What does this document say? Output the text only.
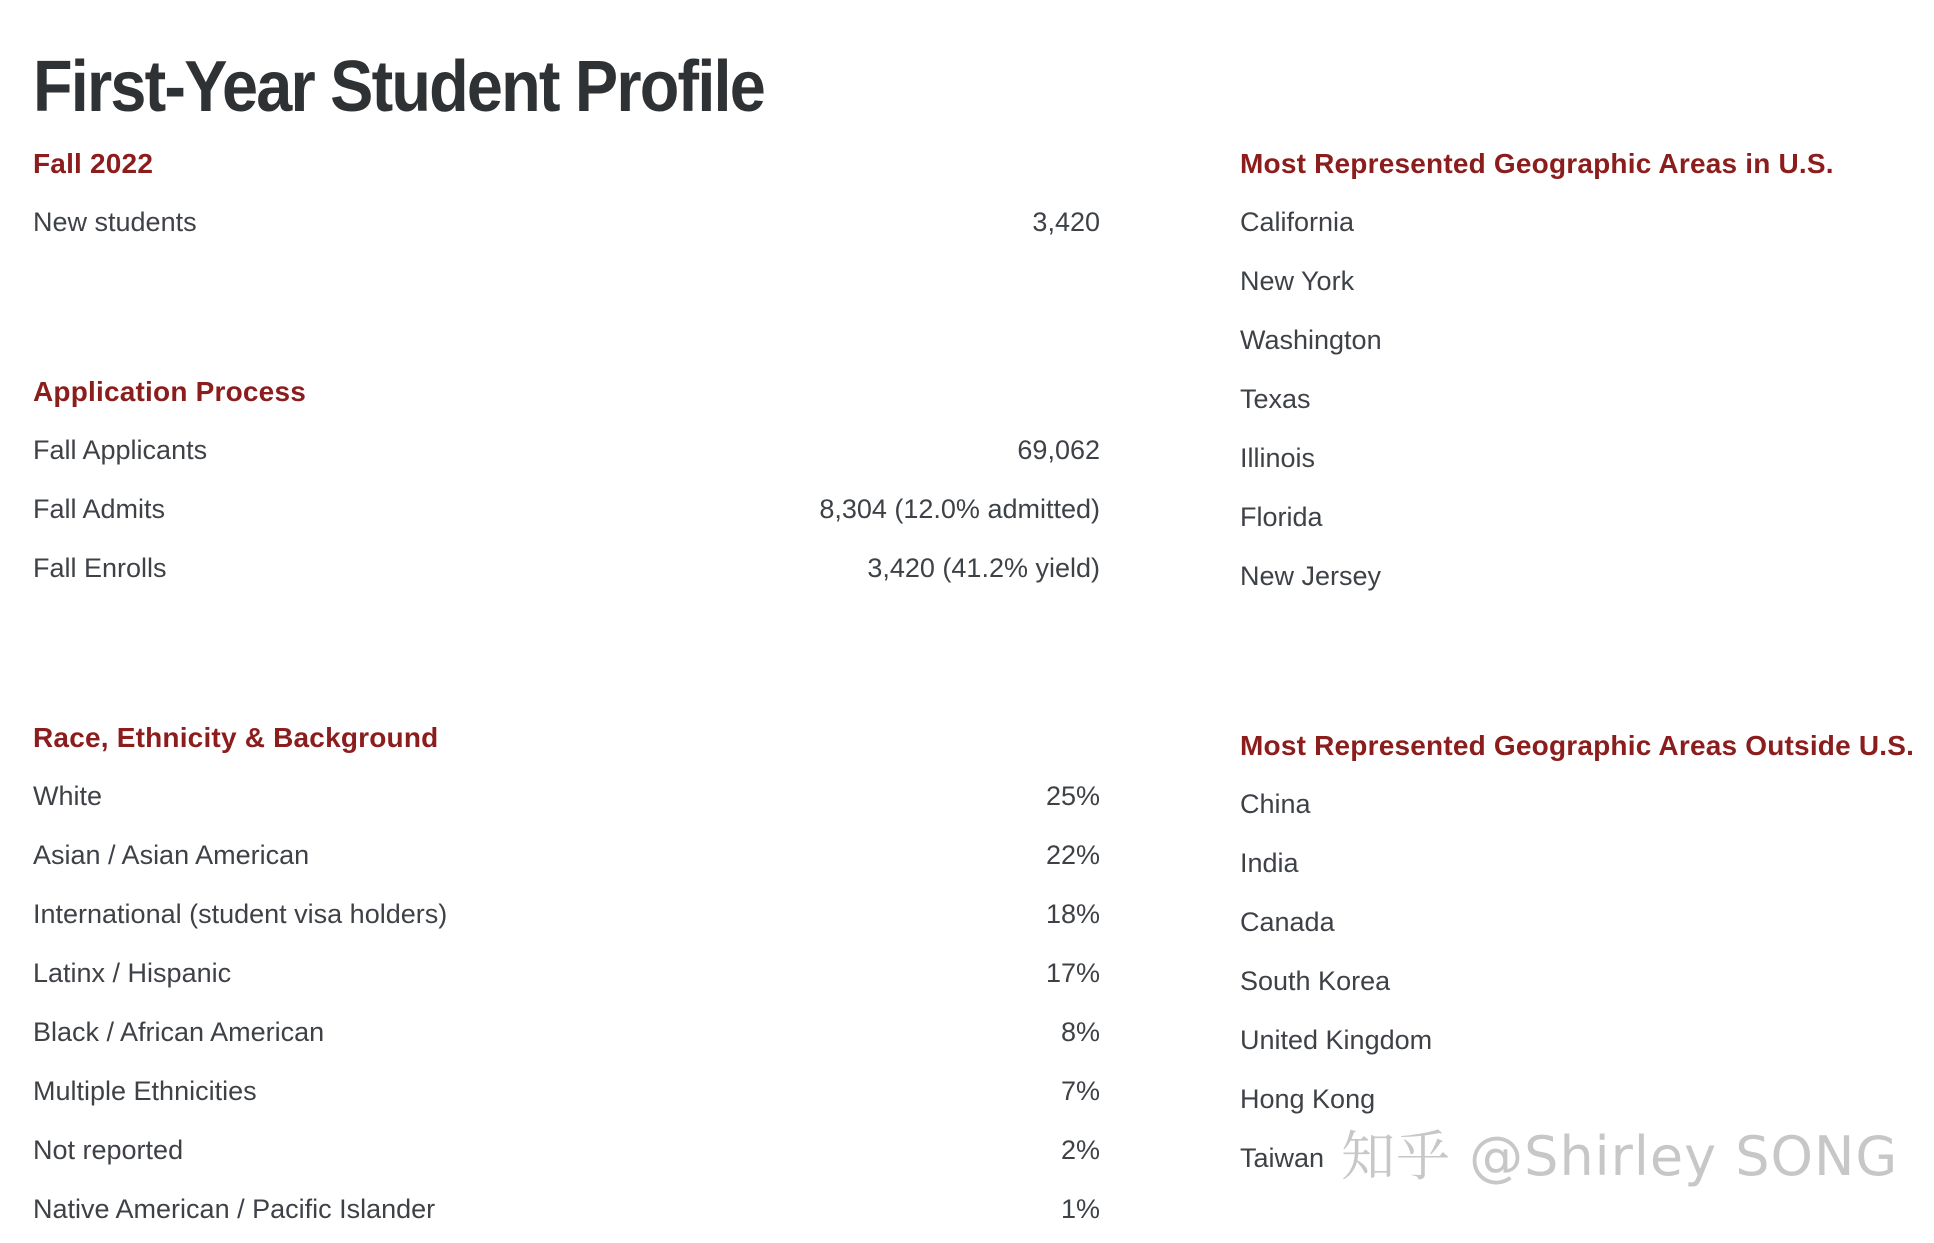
First-Year Student Profile
Fall 2022
New students	3,420
Application Process
Fall Applicants	69,062
Fall Admits	8,304 (12.0% admitted)
Fall Enrolls	3,420 (41.2% yield)
Race, Ethnicity & Background
White	25%
Asian / Asian American	22%
International (student visa holders)	18%
Latinx / Hispanic	17%
Black / African American	8%
Multiple Ethnicities	7%
Not reported	2%
Native American / Pacific Islander	1%
Most Represented Geographic Areas in U.S.
California
New York
Washington
Texas
Illinois
Florida
New Jersey
Most Represented Geographic Areas Outside U.S.
China
India
Canada
South Korea
United Kingdom
Hong Kong
Taiwan 知乎 @Shirley SONG
